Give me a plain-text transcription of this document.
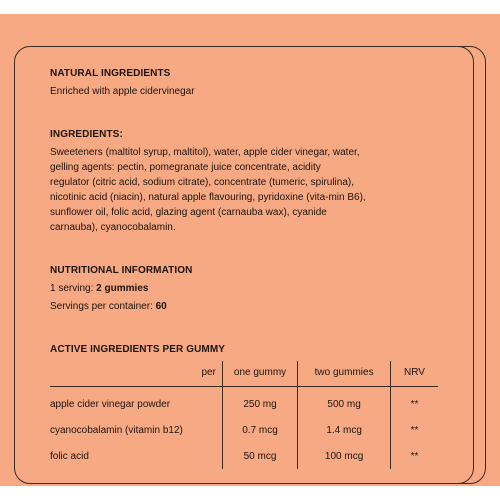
NATURAL INGREDIENTS

Enriched with apple cidervinegar

INGREDIENTS:

Sweeteners (maltitol syrup, maltitol), water, apple cider vinegar, water,

gelling agents: pectin, pomegranate juice concentrate, acidity

regulator (citric acid, sodium citrate), concentrate (tumeric, spirulina),

nicotinic acid (niacin), natural apple flavouring, pyridoxine (vita-min B6),

sunflower oil, folic acid, glazing agent (carnauba wax), cyanide

carnauba), cyanocobalamin.

NUTRITIONAL INFORMATION

1 serving: 2 gummies

Servings per container: 60

ACTIVE INGREDIENTS PER GUMMY

per	one gummy	two gummies	NRV
apple cider vinegar powder	250 mg	500 mg	**
cyanocobalamin (vitamin b12)	0.7 mcg	1.4 mcg	**
folic acid	50 mcg	100 mcg	**
